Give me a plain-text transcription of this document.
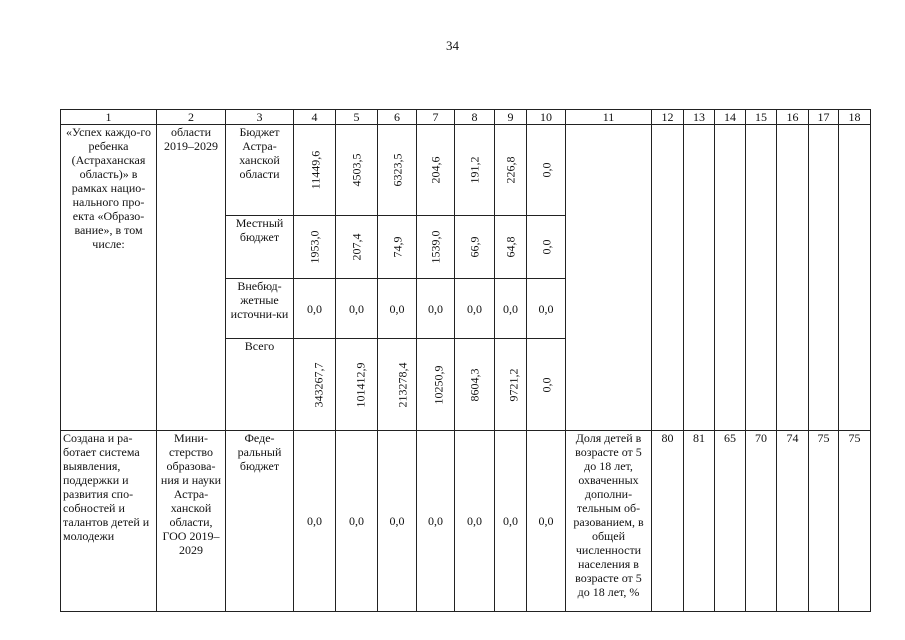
34
1	2	3	4	5	6	7	8	9	10	11	12	13	14	15	16	17	18
«Успех каждо-го ребенка (Астраханская область)» в рамках нацио-нального про-екта «Образо-вание», в том числе:	области 2019–2029	Бюджет Астра-ханской области	11449,6	4503,5	6323,5	204,6	191,2	226,8	0,0								
		Местный бюджет	1953,0	207,4	74,9	1539,0	66,9	64,8	0,0								
		Внебюд-жетные источни-ки	0,0	0,0	0,0	0,0	0,0	0,0	0,0								
		Всего	343267,7	101412,9	213278,4	10250,9	8604,3	9721,2	0,0								
Создана и ра-ботает система выявления, поддержки и развития спо-собностей и талантов детей и молодежи	Мини-стерство образова-ния и науки Астра-ханской области, ГОО 2019–2029	Феде-ральный бюджет	0,0	0,0	0,0	0,0	0,0	0,0	0,0	Доля детей в возрасте от 5 до 18 лет, охваченных дополни-тельным об-разованием, в общей численности населения в возрасте от 5 до 18 лет, %	80	81	65	70	74	75	75
